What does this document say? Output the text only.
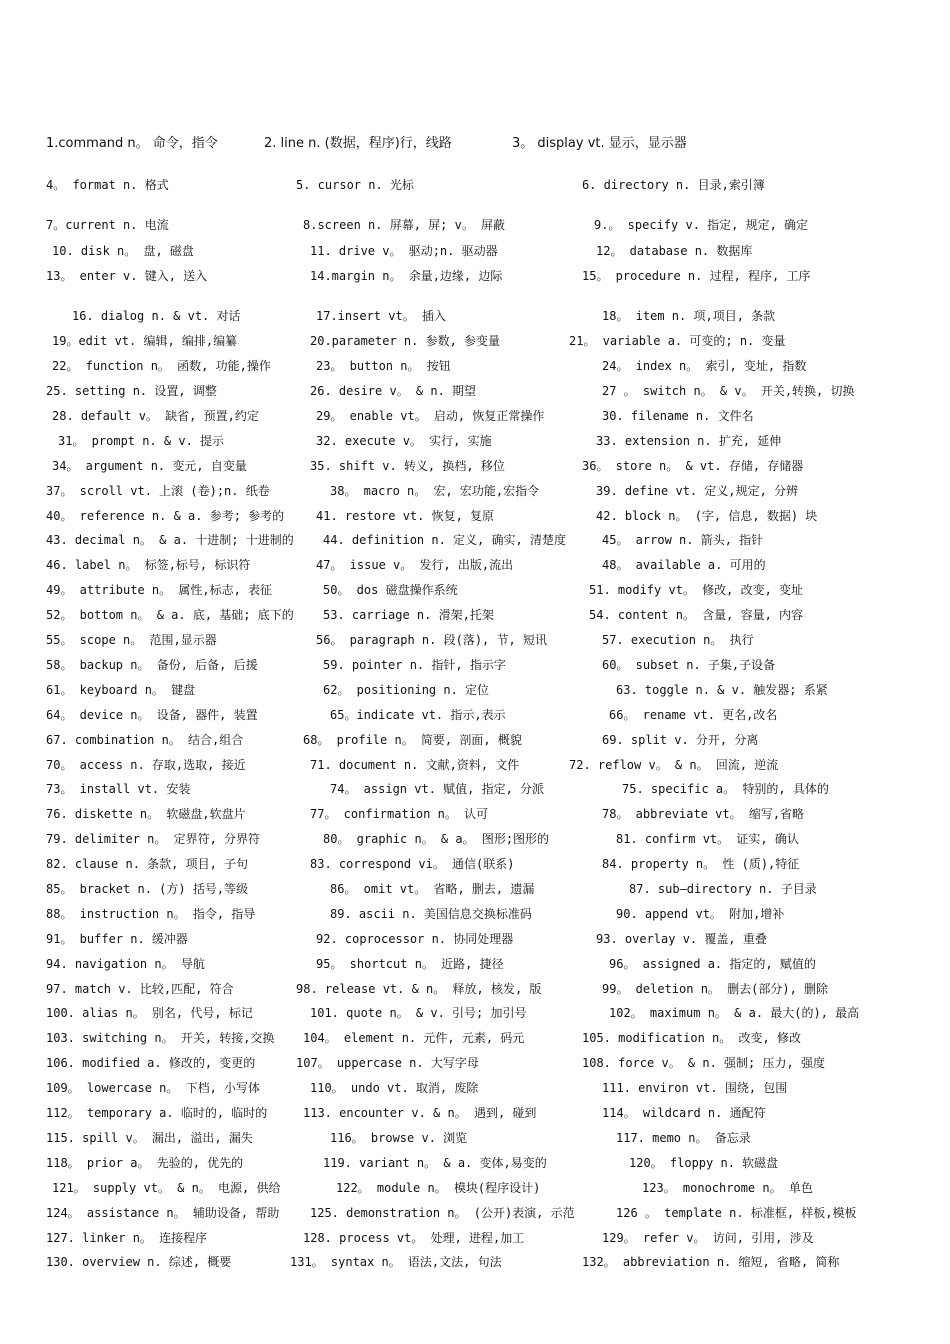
1.command n。 命令，指令	2. line n. (数据，程序)行，线路	3。 display vt. 显示，显示器
4。 format n. 格式	5. cursor n. 光标	6. directory n. 目录,索引簿
7。current n. 电流	8.screen n. 屏幕, 屏; v。 屏蔽	9.。 specify v. 指定, 规定, 确定
10. disk n。 盘, 磁盘	11. drive v。 驱动;n. 驱动器	12。 database n. 数据库
13。 enter v. 键入, 送入	14.margin n。 余量,边缘, 边际	15。 procedure n. 过程, 程序, 工序
16. dialog n. & vt. 对话	17.insert vt。 插入	18。 item n. 项,项目, 条款
19。edit vt. 编辑, 编排,编纂	20.parameter n. 参数, 参变量	21。 variable a. 可变的; n. 变量
22。 function n。 函数, 功能,操作	23。 button n。 按钮	24。 index n。 索引, 变址, 指数
25. setting n. 设置, 调整	26. desire v。 & n. 期望	27 。 switch n。 & v。 开关,转换, 切换
28. default v。 缺省, 预置,约定	29。 enable vt。 启动, 恢复正常操作	30. filename n. 文件名
31。 prompt n. & v. 提示	32. execute v。 实行, 实施	33. extension n. 扩充, 延伸
34。 argument n. 变元, 自变量	35. shift v. 转义, 换档, 移位	36。 store n。 & vt. 存储, 存储器
37。 scroll vt. 上滚 (卷);n. 纸卷	38。 macro n。 宏, 宏功能,宏指令	39. define vt. 定义,规定, 分辨
40。 reference n. & a. 参考; 参考的	41. restore vt. 恢复, 复原	42. block n。 (字, 信息, 数据) 块
43. decimal n。 & a. 十进制; 十进制的 44. definition n. 定义, 确实, 清楚度	45。 arrow n. 箭头, 指针
46. label n。 标签,标号, 标识符	47。 issue v。 发行, 出版,流出	48。 available a. 可用的
49。 attribute n。 属性,标志, 表征	50。 dos 磁盘操作系统	51. modify vt。 修改, 改变, 变址
52。 bottom n。 & a. 底, 基础; 底下的 53. carriage n. 滑架,托架	54. content n。 含量, 容量, 内容
55。 scope n。 范围,显示器	56。 paragraph n. 段(落), 节, 短讯	57. execution n。 执行
58。 backup n。 备份, 后备, 后援	59. pointer n. 指针, 指示字	60。 subset n. 子集,子设备
61。 keyboard n。 键盘	62。 positioning n. 定位	63. toggle n. & v. 触发器; 系紧
64。 device n。 设备, 器件, 装置	65。indicate vt. 指示,表示	66。 rename vt. 更名,改名
67. combination n。 结合,组合	68。 profile n。 简要, 剖面, 概貌	69. split v. 分开, 分离
70。 access n. 存取,选取, 接近	71. document n. 文献,资料, 文件	72. reflow v。 & n。 回流, 逆流
73。 install vt. 安装	74。 assign vt. 赋值, 指定, 分派	75. specific a。 特别的, 具体的
76. diskette n。 软磁盘,软盘片	77。 confirmation n。 认可	78。 abbreviate vt。 缩写,省略
79. delimiter n。 定界符, 分界符	80。 graphic n。 & a。 图形;图形的	81. confirm vt。 证实, 确认
82. clause n. 条款, 项目, 子句	83. correspond vi。 通信(联系)	84. property n。 性 (质),特征
85。 bracket n. (方) 括号,等级	86。 omit vt。 省略, 删去, 遗漏	87. sub—directory n. 子目录
88。 instruction n。 指令, 指导	89. ascii n. 美国信息交换标准码	90. append vt。 附加,增补
91。 buffer n. 缓冲器	92. coprocessor n. 协同处理器	93. overlay v. 覆盖, 重叠
94. navigation n。 导航	95。 shortcut n。 近路, 捷径	96。 assigned a. 指定的, 赋值的
97. match v. 比较,匹配, 符合	98. release vt. & n。 释放, 核发, 版	99。 deletion n。 删去(部分), 删除
100. alias n。 别名, 代号, 标记	101. quote n。 & v. 引号; 加引号	102。 maximum n。 & a. 最大(的), 最高
103. switching n。 开关, 转接,交换 104。 element n. 元件, 元素, 码元	105. modification n。 改变, 修改
106. modified a. 修改的, 变更的	107。 uppercase n. 大写字母	108. force v。 & n. 强制; 压力, 强度
109。 lowercase n。 下档, 小写体	110。 undo vt. 取消, 废除	111. environ vt. 围绕, 包围
112。 temporary a. 临时的, 临时的	113. encounter v. & n。 遇到, 碰到	114。 wildcard n. 通配符
115. spill v。 漏出, 溢出, 漏失	116。 browse v. 浏览	117. memo n。 备忘录
118。 prior a。 先验的, 优先的	119. variant n。 & a. 变体,易变的	120。 floppy n. 软磁盘
121。 supply vt。 & n。 电源, 供给	122。 module n。 模块(程序设计)	123。 monochrome n。 单色
124。 assistance n。 辅助设备, 帮助	125. demonstration n。 (公开)表演, 示范	126 。 template n. 标准框, 样板,模板
127. linker n。 连接程序	128. process vt。 处理, 进程,加工	129。 refer v。 访问, 引用, 涉及
130. overview n. 综述, 概要	131。 syntax n。 语法,文法, 句法	132。 abbreviation n. 缩短, 省略, 简称
